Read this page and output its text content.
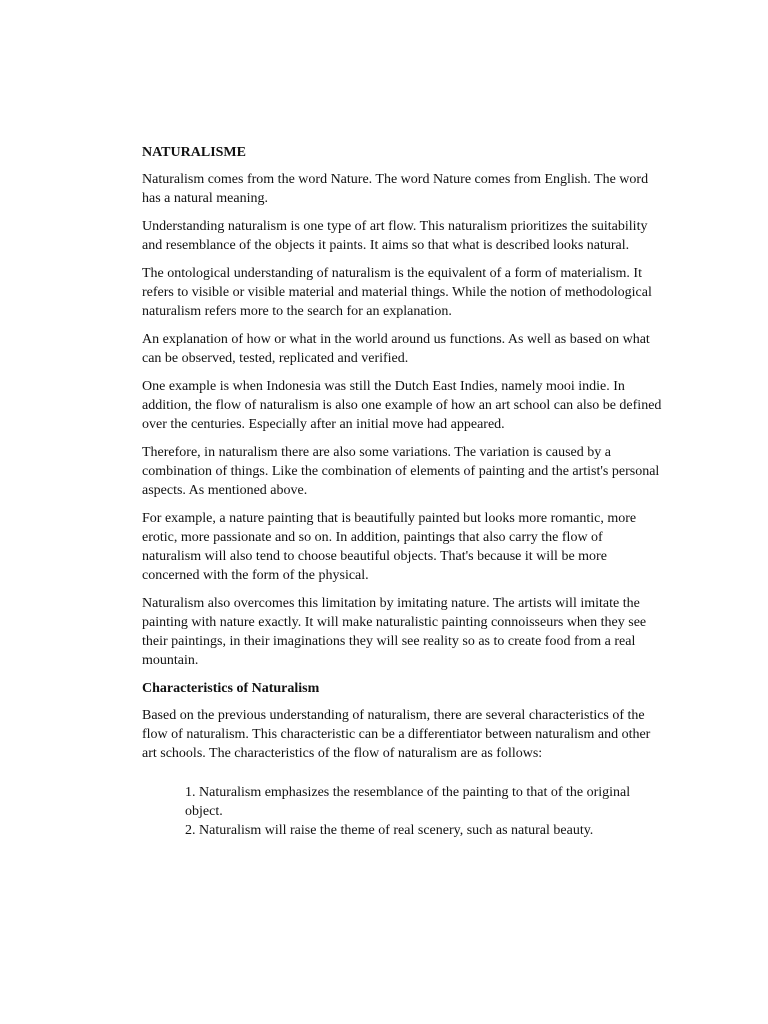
NATURALISME

Naturalism comes from the word Nature. The word Nature comes from English. The word has a natural meaning.

Understanding naturalism is one type of art flow. This naturalism prioritizes the suitability and resemblance of the objects it paints. It aims so that what is described looks natural.

The ontological understanding of naturalism is the equivalent of a form of materialism. It refers to visible or visible material and material things. While the notion of methodological naturalism refers more to the search for an explanation.

An explanation of how or what in the world around us functions. As well as based on what can be observed, tested, replicated and verified.

One example is when Indonesia was still the Dutch East Indies, namely mooi indie. In addition, the flow of naturalism is also one example of how an art school can also be defined over the centuries. Especially after an initial move had appeared.

Therefore, in naturalism there are also some variations. The variation is caused by a combination of things. Like the combination of elements of painting and the artist's personal aspects. As mentioned above.

For example, a nature painting that is beautifully painted but looks more romantic, more erotic, more passionate and so on. In addition, paintings that also carry the flow of naturalism will also tend to choose beautiful objects. That's because it will be more concerned with the form of the physical.

Naturalism also overcomes this limitation by imitating nature. The artists will imitate the painting with nature exactly. It will make naturalistic painting connoisseurs when they see their paintings, in their imaginations they will see reality so as to create food from a real mountain.

Characteristics of Naturalism

Based on the previous understanding of naturalism, there are several characteristics of the flow of naturalism. This characteristic can be a differentiator between naturalism and other art schools. The characteristics of the flow of naturalism are as follows:

1. Naturalism emphasizes the resemblance of the painting to that of the original object.
2. Naturalism will raise the theme of real scenery, such as natural beauty.
